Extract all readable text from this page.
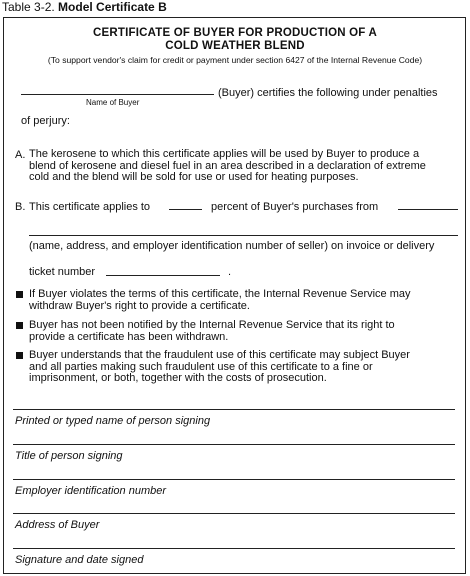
Table 3-2. Model Certificate B
CERTIFICATE OF BUYER FOR PRODUCTION OF A
COLD WEATHER BLEND
(To support vendor's claim for credit or payment under section 6427 of the Internal Revenue Code)
Name of Buyer
(Buyer) certifies the following under penalties
of perjury:
A. The kerosene to which this certificate applies will be used by Buyer to produce a
blend of kerosene and diesel fuel in an area described in a declaration of extreme
cold and the blend will be sold for use or used for heating purposes.
B. This certificate applies to	percent of Buyer's purchases from
(name, address, and employer identification number of seller) on invoice or delivery
ticket number	.
If Buyer violates the terms of this certificate, the Internal Revenue Service may
withdraw Buyer's right to provide a certificate.
Buyer has not been notified by the Internal Revenue Service that its right to
provide a certificate has been withdrawn.
Buyer understands that the fraudulent use of this certificate may subject Buyer
and all parties making such fraudulent use of this certificate to a fine or
imprisonment, or both, together with the costs of prosecution.
Printed or typed name of person signing
Title of person signing
Employer identification number
Address of Buyer
Signature and date signed
